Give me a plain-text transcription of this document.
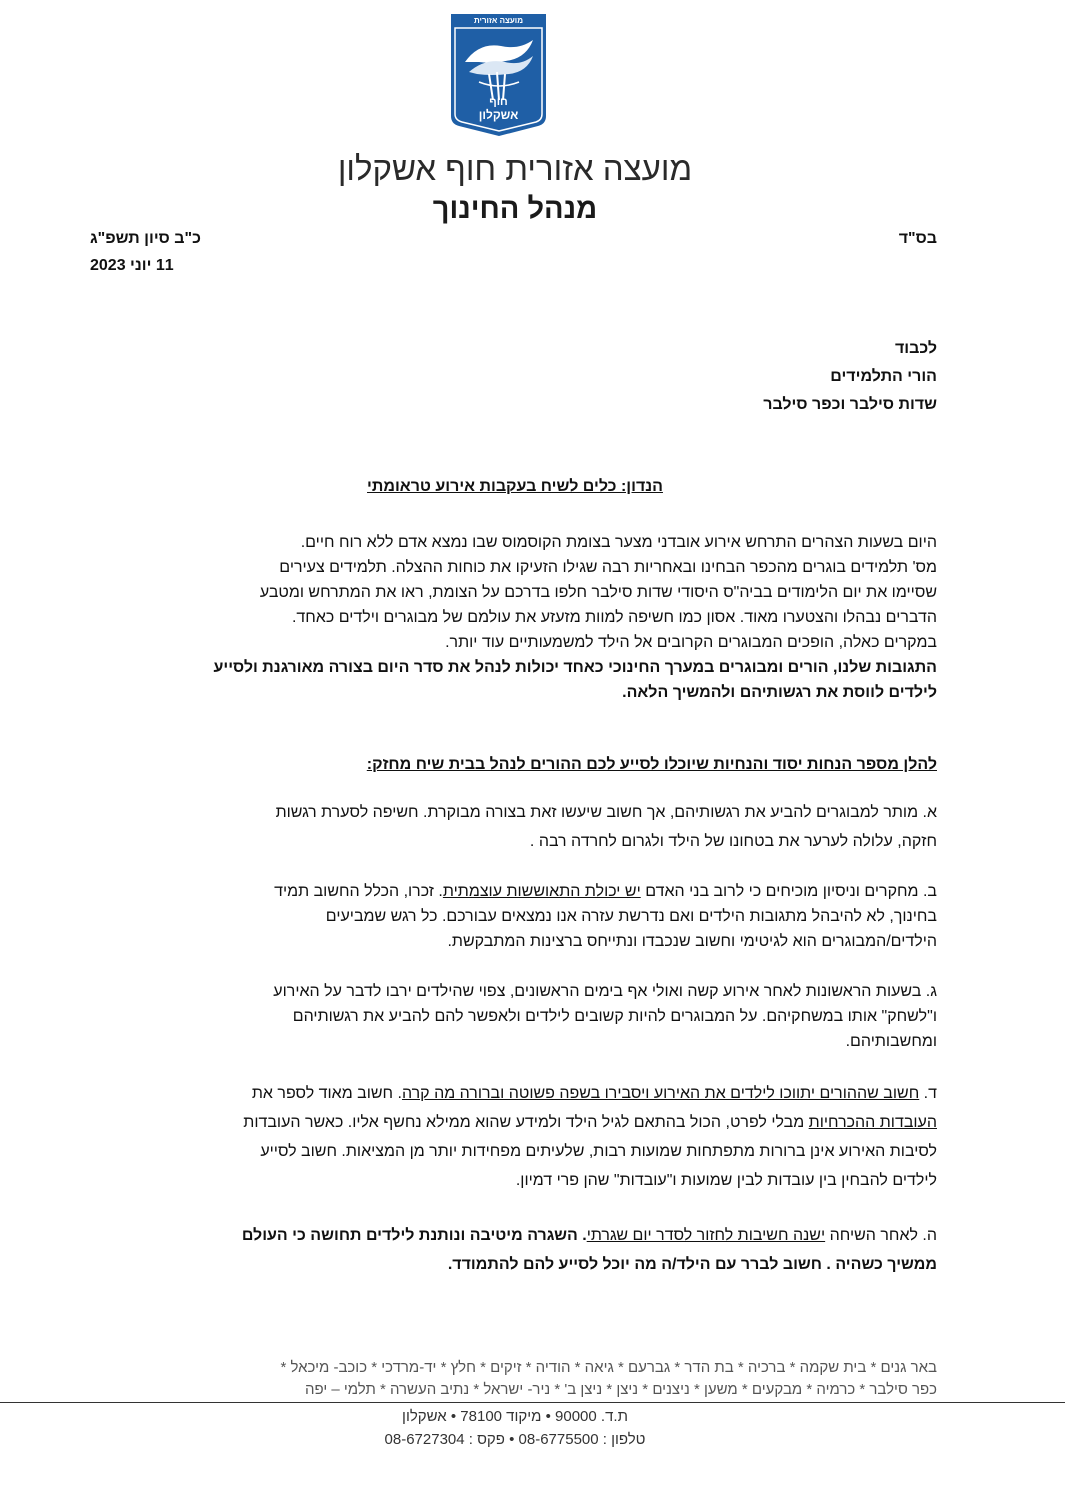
מועצה אזורית
חוף
אשקלון
מועצה אזורית חוף אשקלון
מנהל החינוך
בס"ד
כ"ב סיון תשפ"ג
11 יוני 2023
לכבוד
הורי התלמידים
שדות סילבר וכפר סילבר
הנדון: כלים לשיח בעקבות אירוע טראומתי

היום בשעות הצהרים התרחש אירוע אובדני מצער בצומת הקוסמוס שבו נמצא אדם ללא רוח חיים.

מס' תלמידים בוגרים מהכפר הבחינו ובאחריות רבה שגילו הזעיקו את כוחות ההצלה. תלמידים צעירים

שסיימו את יום הלימודים בביה"ס היסודי שדות סילבר חלפו בדרכם על הצומת, ראו את המתרחש ומטבע

הדברים נבהלו והצטערו מאוד. אסון כמו חשיפה למוות מזעזע את עולמם של מבוגרים וילדים כאחד.

במקרים כאלה, הופכים המבוגרים הקרובים אל הילד למשמעותיים עוד יותר.

התגובות שלנו, הורים ומבוגרים במערך החינוכי כאחד יכולות לנהל את סדר היום בצורה מאורגנת ולסייע

לילדים לווסת את רגשותיהם ולהמשיך הלאה.

להלן מספר הנחות יסוד והנחיות שיוכלו לסייע לכם ההורים לנהל בבית שיח מחזק:

א. מותר למבוגרים להביע את רגשותיהם, אך חשוב שיעשו זאת בצורה מבוקרת. חשיפה לסערת רגשות

חזקה, עלולה לערער את בטחונו של הילד ולגרום לחרדה רבה .

ב. מחקרים וניסיון מוכיחים כי לרוב בני האדם יש יכולת התאוששות עוצמתית. זכרו, הכלל החשוב תמיד

בחינוך, לא להיבהל מתגובות הילדים ואם נדרשת עזרה אנו נמצאים עבורכם. כל רגש שמביעים

הילדים/המבוגרים הוא לגיטימי וחשוב שנכבדו ונתייחס ברצינות המתבקשת.

ג. בשעות הראשונות לאחר אירוע קשה ואולי אף בימים הראשונים, צפוי שהילדים ירבו לדבר על האירוע

ו"לשחק" אותו במשחקיהם. על המבוגרים להיות קשובים לילדים ולאפשר להם להביע את רגשותיהם

ומחשבותיהם.

ד. חשוב שההורים יתווכו לילדים את האירוע ויסבירו בשפה פשוטה וברורה מה קרה. חשוב מאוד לספר את

העובדות ההכרחיות מבלי לפרט, הכול בהתאם לגיל הילד ולמידע שהוא ממילא נחשף אליו. כאשר העובדות

לסיבות האירוע אינן ברורות מתפתחות שמועות רבות, שלעיתים מפחידות יותר מן המציאות. חשוב לסייע

לילדים להבחין בין עובדות לבין שמועות ו"עובדות" שהן פרי דמיון.

ה. לאחר השיחה ישנה חשיבות לחזור לסדר יום שגרתי. השגרה מיטיבה ונותנת לילדים תחושה כי העולם

ממשיך כשהיה . חשוב לברר עם הילד/ה מה יוכל לסייע להם להתמודד.

באר גנים * בית שקמה * ברכיה * בת הדר * גברעם * גיאה * הודיה * זיקים * חלץ * יד-מרדכי * כוכב- מיכאל *
כפר סילבר * כרמיה * מבקעים * משען * ניצנים * ניצן * ניצן ב' * ניר- ישראל * נתיב העשרה * תלמי – יפה
ת.ד. 90000 • מיקוד 78100 • אשקלון
טלפון : 08-6775500 • פקס : 08-6727304
